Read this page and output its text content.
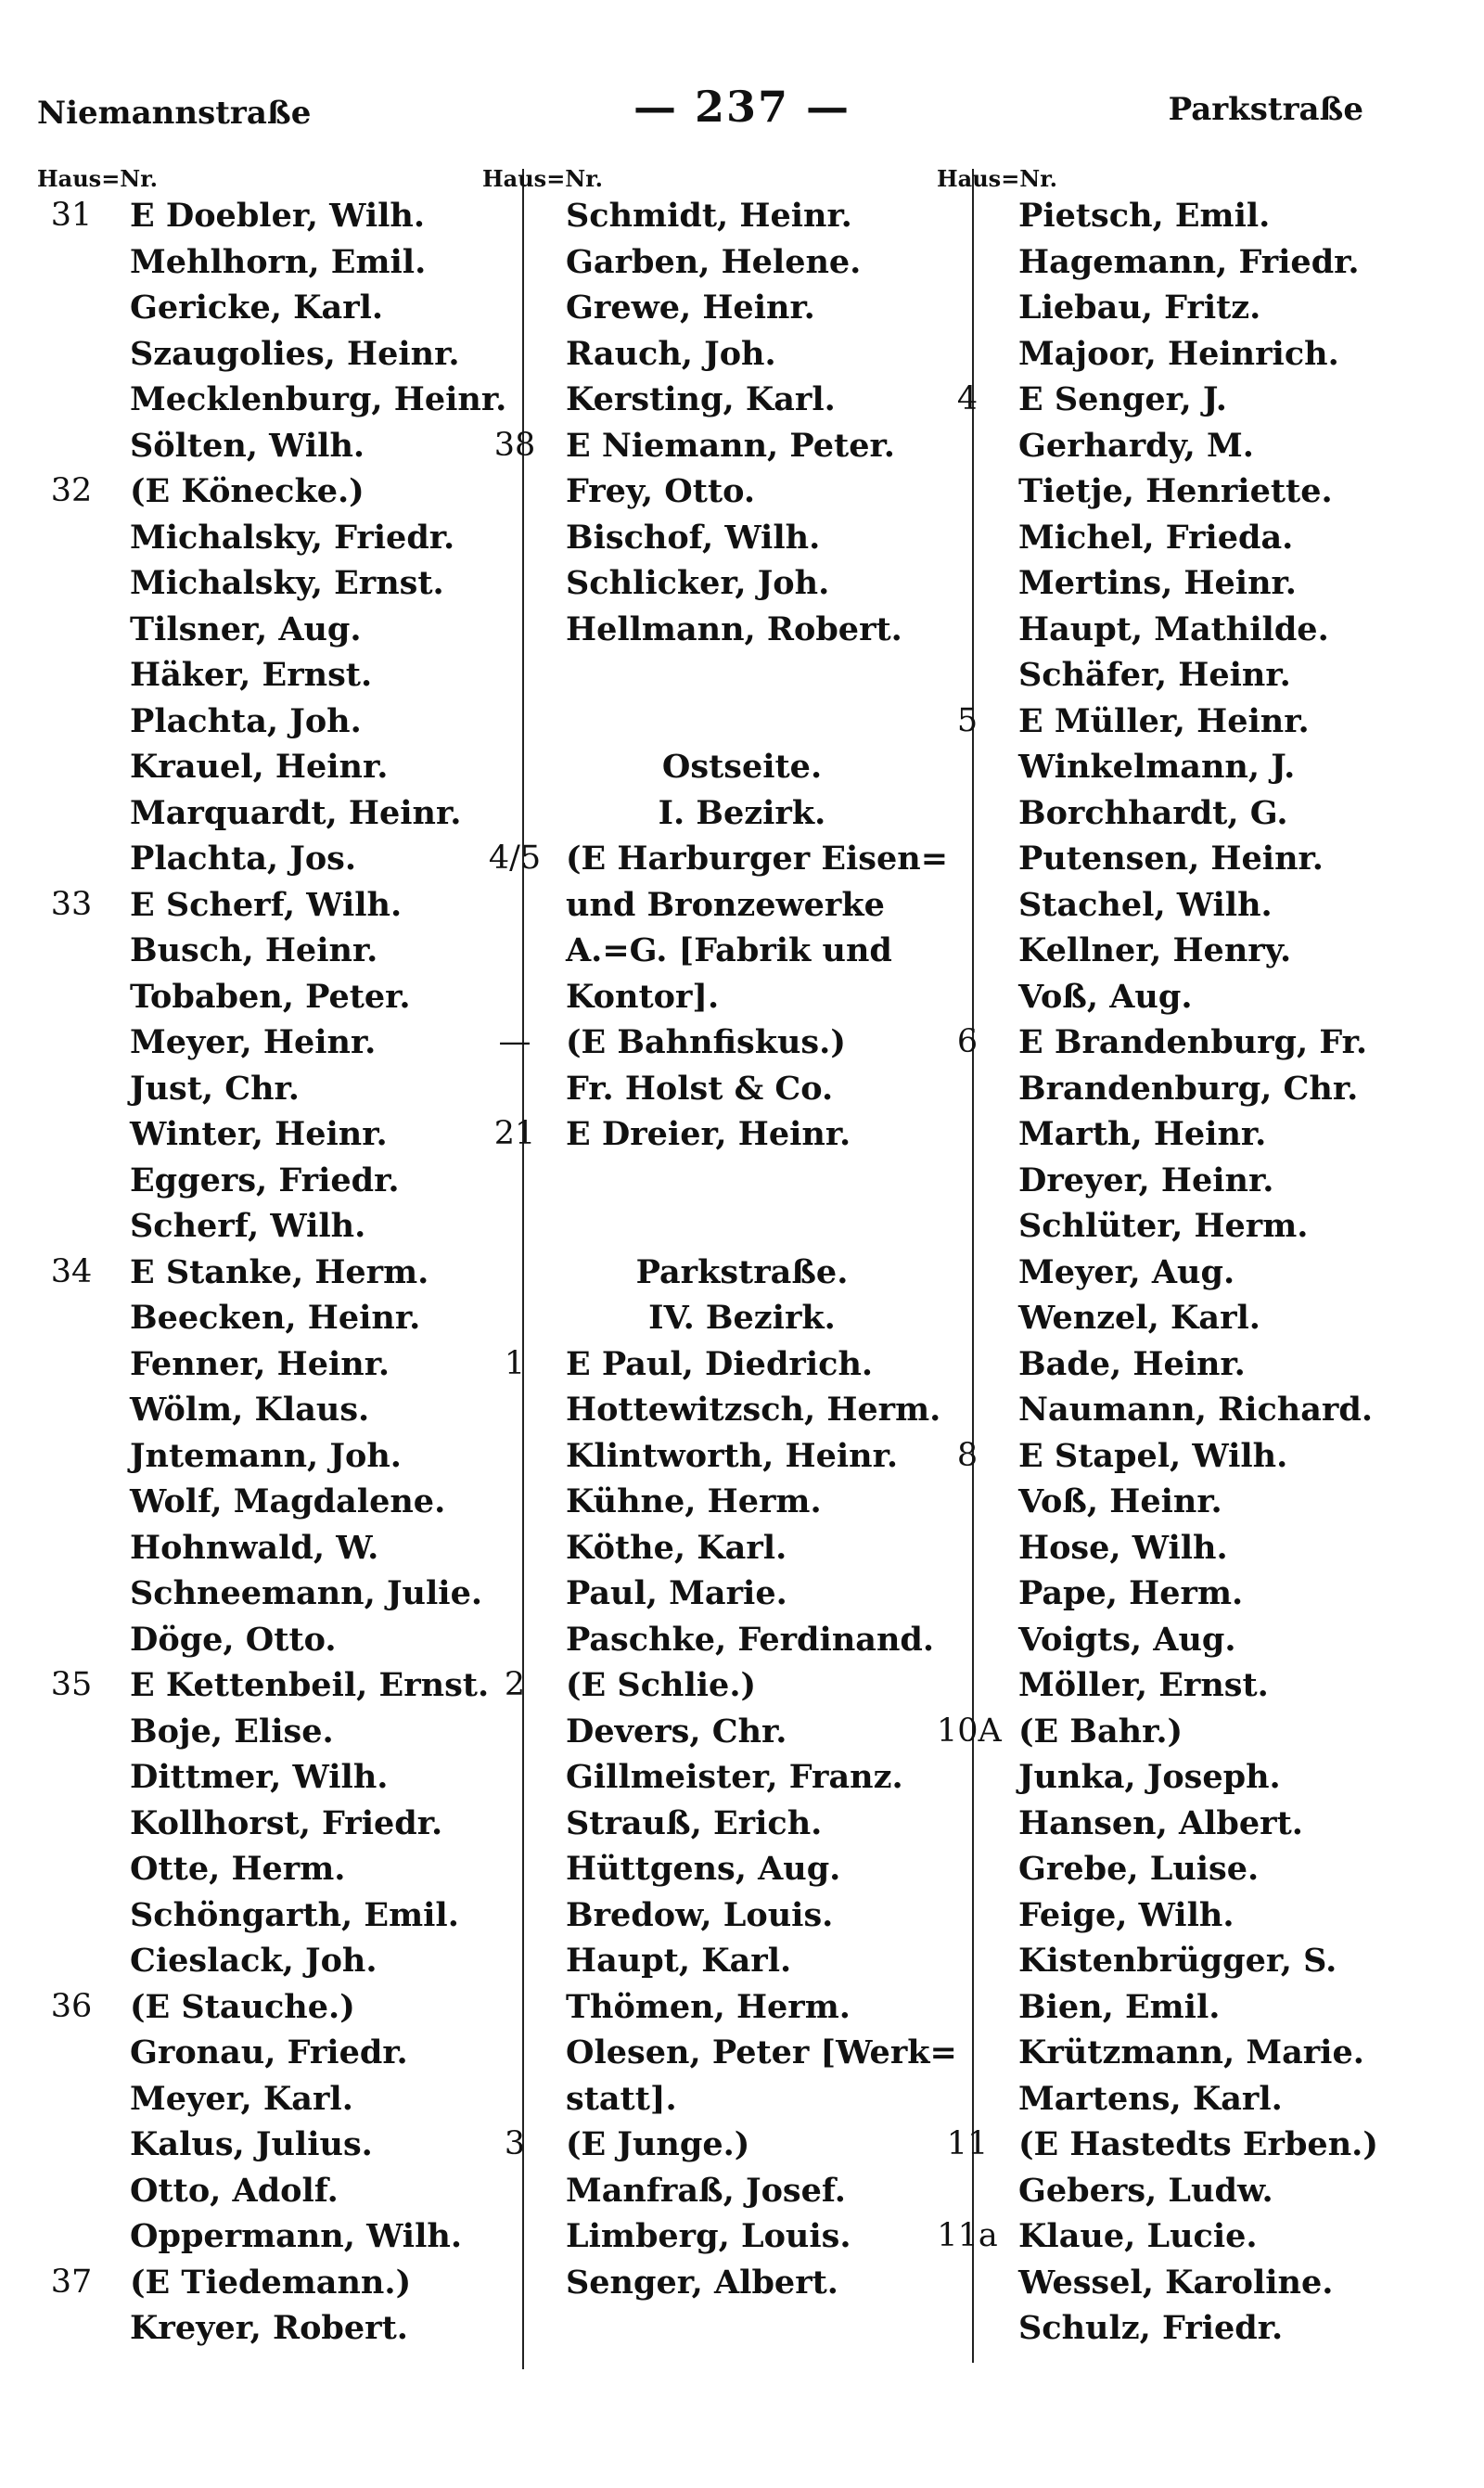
Niemannstraße	— 237 —	Parkstraße
Haus=Nr.
31	E Doebler, Wilh.
Mehlhorn, Emil.
Gericke, Karl.
Szaugolies, Heinr.
Mecklenburg, Heinr.
Sölten, Wilh.
32	(E Könecke.)
Michalsky, Friedr.
Michalsky, Ernst.
Tilsner, Aug.
Häker, Ernst.
Plachta, Joh.
Krauel, Heinr.
Marquardt, Heinr.
Plachta, Jos.
33	E Scherf, Wilh.
Busch, Heinr.
Tobaben, Peter.
Meyer, Heinr.
Just, Chr.
Winter, Heinr.
Eggers, Friedr.
Scherf, Wilh.
34	E Stanke, Herm.
Beecken, Heinr.
Fenner, Heinr.
Wölm, Klaus.
Jntemann, Joh.
Wolf, Magdalene.
Hohnwald, W.
Schneemann, Julie.
Döge, Otto.
35	E Kettenbeil, Ernst.
Boje, Elise.
Dittmer, Wilh.
Kollhorst, Friedr.
Otte, Herm.
Schöngarth, Emil.
Cieslack, Joh.
36	(E Stauche.)
Gronau, Friedr.
Meyer, Karl.
Kalus, Julius.
Otto, Adolf.
Oppermann, Wilh.
37	(E Tiedemann.)
Kreyer, Robert.
Haus=Nr.
Schmidt, Heinr.
Garben, Helene.
Grewe, Heinr.
Rauch, Joh.
Kersting, Karl.
38 E Niemann, Peter.
Frey, Otto.
Bischof, Wilh.
Schlicker, Joh.
Hellmann, Robert.
Ostseite.
I. Bezirk.
4/5 (E Harburger Eisen=
und Bronzewerke
A.=G. [Fabrik und
Kontor].
—	(E Bahnfiskus.)
Fr. Holst & Co.
21 E Dreier, Heinr.
Parkstraße.
IV. Bezirk.
1	E Paul, Diedrich.
Hottewitzsch, Herm.
Klintworth, Heinr.
Kühne, Herm.
Köthe, Karl.
Paul, Marie.
Paschke, Ferdinand.
2	(E Schlie.)
Devers, Chr.
Gillmeister, Franz.
Strauß, Erich.
Hüttgens, Aug.
Bredow, Louis.
Haupt, Karl.
Thömen, Herm.
Olesen, Peter [Werk=
statt].
3	(E Junge.)
Manfraß, Josef.
Limberg, Louis.
Senger, Albert.
Haus=Nr.
Pietsch, Emil.
Hagemann, Friedr.
Liebau, Fritz.
Majoor, Heinrich.
4	E Senger, J.
Gerhardy, M.
Tietje, Henriette.
Michel, Frieda.
Mertins, Heinr.
Haupt, Mathilde.
Schäfer, Heinr.
5	E Müller, Heinr.
Winkelmann, J.
Borchhardt, G.
Putensen, Heinr.
Stachel, Wilh.
Kellner, Henry.
Voß, Aug.
6	E Brandenburg, Fr.
Brandenburg, Chr.
Marth, Heinr.
Dreyer, Heinr.
Schlüter, Herm.
Meyer, Aug.
Wenzel, Karl.
Bade, Heinr.
Naumann, Richard.
8	E Stapel, Wilh.
Voß, Heinr.
Hose, Wilh.
Pape, Herm.
Voigts, Aug.
Möller, Ernst.
10A (E Bahr.)
Junka, Joseph.
Hansen, Albert.
Grebe, Luise.
Feige, Wilh.
Kistenbrügger, S.
Bien, Emil.
Krützmann, Marie.
Martens, Karl.
11 (E Hastedts Erben.)
Gebers, Ludw.
11a Klaue, Lucie.
Wessel, Karoline.
Schulz, Friedr.
